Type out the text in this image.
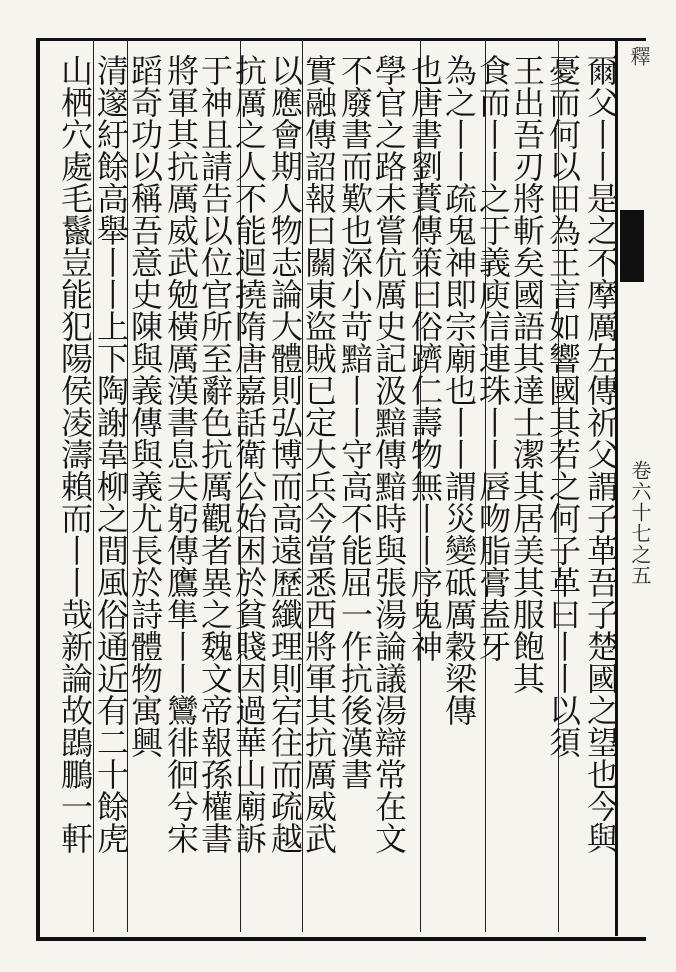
釋
卷六十七之五
爾父丨丨是之不摩厲左傳祈父謂子革吾子楚國之望也今與
憂而何以田為王言如響國其若之何子革曰丨丨以須
王出吾刃將斬矣國語其達士潔其居美其服飽其
食而丨丨之于義庾信連珠丨丨唇吻脂膏盍牙
為之丨丨疏鬼神即宗廟也丨丨謂災變砥厲穀梁傳
也唐書劉蕡傳策曰俗躋仁壽物無丨丨序鬼神
學官之路未嘗伉厲史記汲黯傳黯時與張湯論議湯辯常在文
不廢書而歎也深小苛黯丨丨守高不能屈一作抗後漢書
實融傳詔報曰關東盜賊已定大兵今當悉西將軍其抗厲威武
以應會期人物志論大體則弘博而高遠歷纖理則宕往而疏越
抗厲之人不能迴撓隋唐嘉話衛公始困於貧賤因過華山廟訴
于神且請告以位官所至辭色抗厲觀者異之魏文帝報孫權書
將軍其抗厲威武勉橫厲漢書息夫躬傳鷹隼丨丨鸞徘徊兮宋
蹈奇功以稱吾意史陳與義傳與義尤長於詩體物寓興
清邃紆餘高舉丨丨上下陶謝韋柳之間風俗通近有二十餘虎
山栖穴處毛鬣豈能犯陽侯凌濤賴而丨丨哉新論故鵾鵬一軒
